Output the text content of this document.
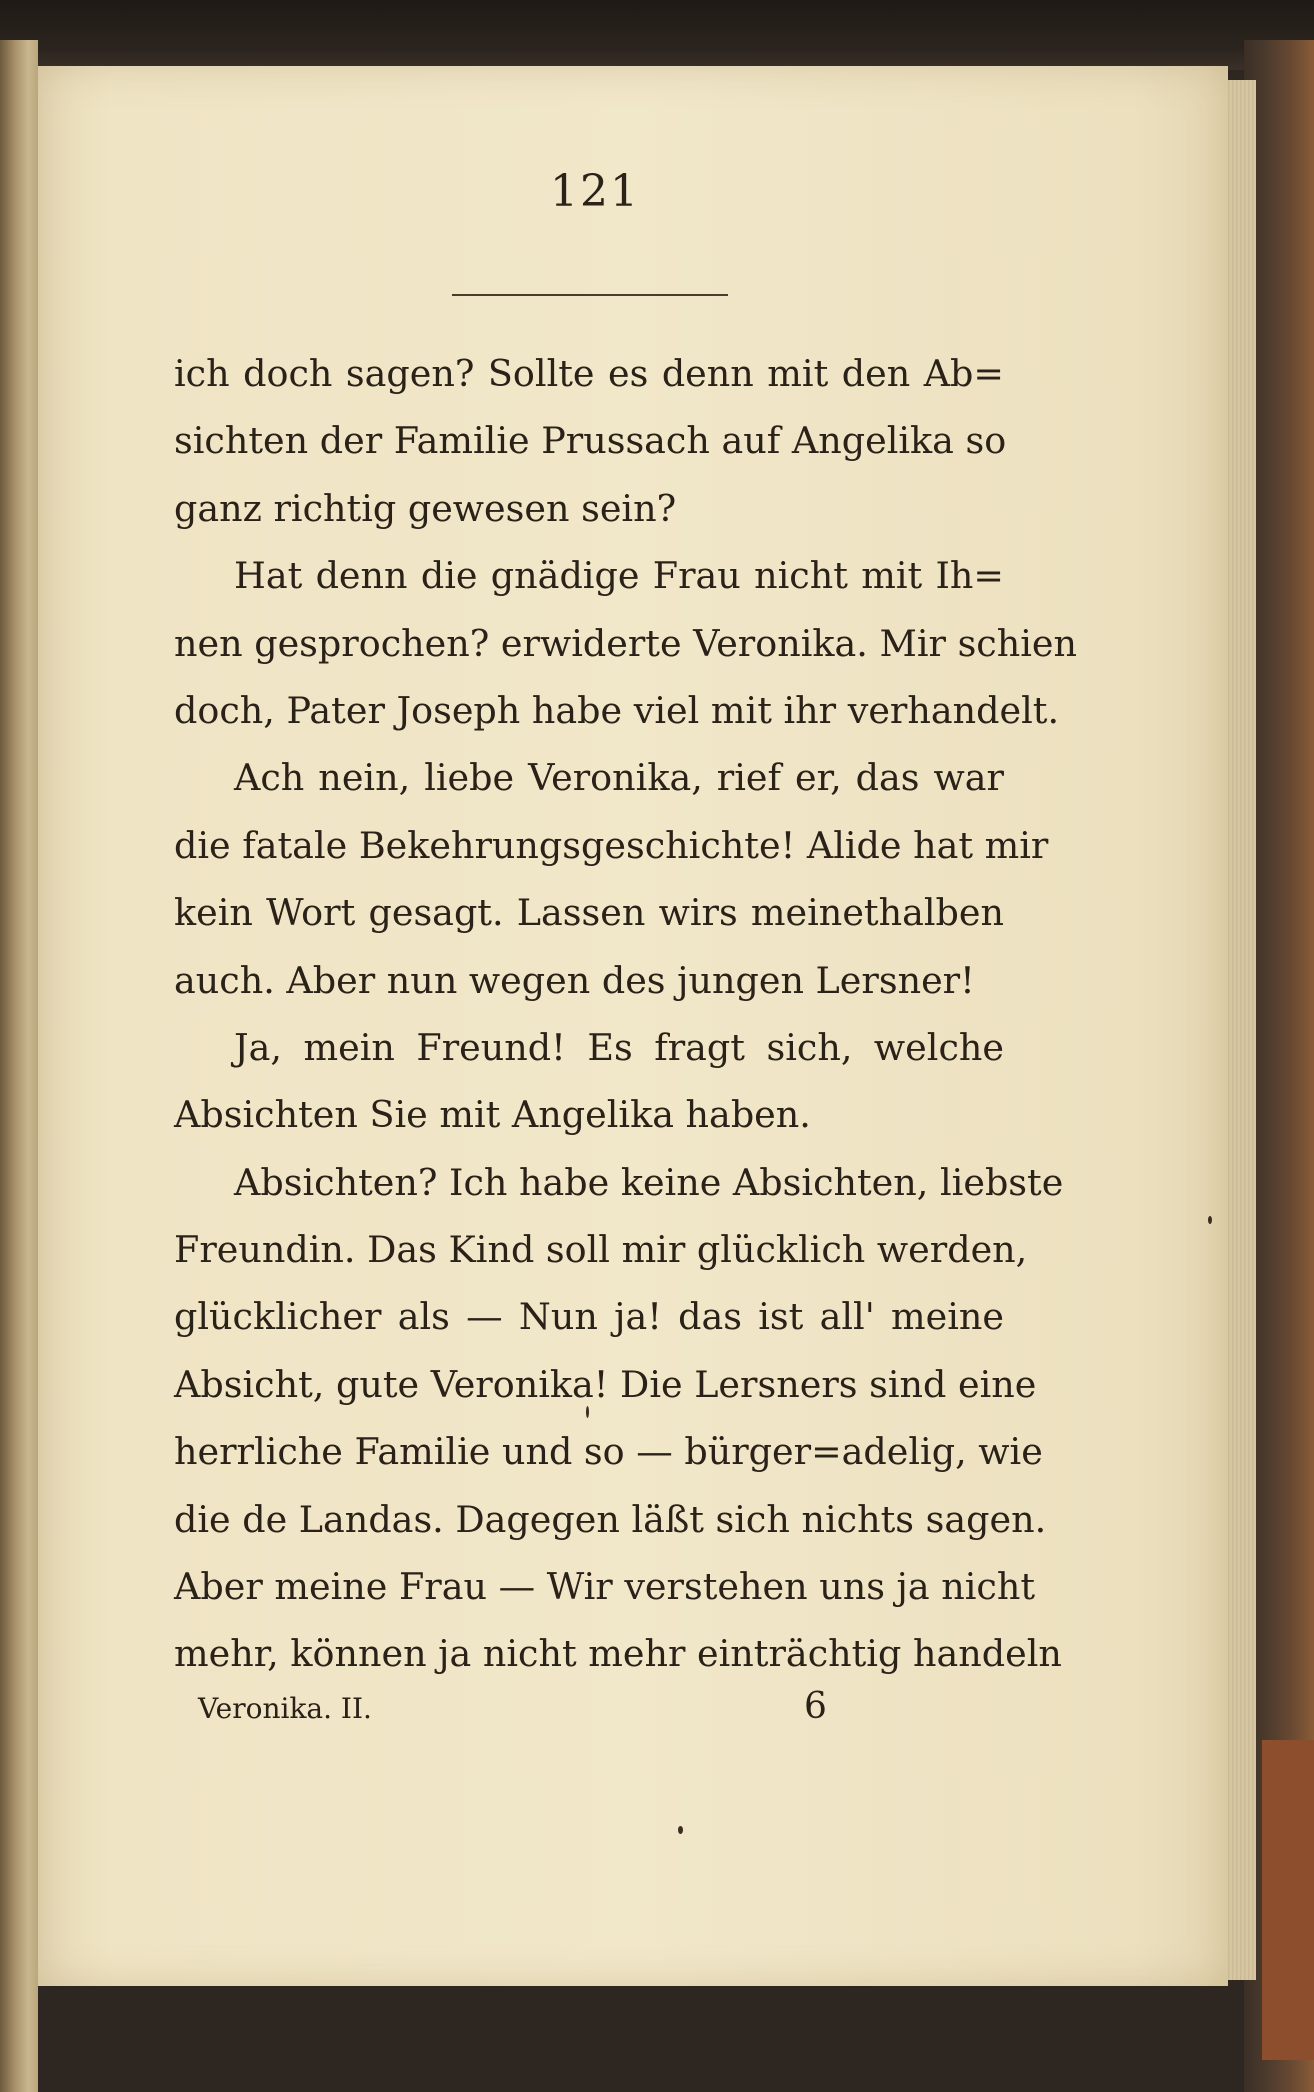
121
ich doch sagen? Sollte es denn mit den Ab=
sichten der Familie Prussach auf Angelika so
ganz richtig gewesen sein?
Hat denn die gnädige Frau nicht mit Ih=
nen gesprochen? erwiderte Veronika. Mir schien
doch, Pater Joseph habe viel mit ihr verhandelt.
Ach nein, liebe Veronika, rief er, das war
die fatale Bekehrungsgeschichte! Alide hat mir
kein Wort gesagt. Lassen wirs meinethalben
auch. Aber nun wegen des jungen Lersner!
Ja, mein Freund! Es fragt sich, welche
Absichten Sie mit Angelika haben.
Absichten? Ich habe keine Absichten, liebste
Freundin. Das Kind soll mir glücklich werden,
glücklicher als — Nun ja! das ist all' meine
Absicht, gute Veronika! Die Lersners sind eine
herrliche Familie und so — bürger=adelig, wie
die de Landas. Dagegen läßt sich nichts sagen.
Aber meine Frau — Wir verstehen uns ja nicht
mehr, können ja nicht mehr einträchtig handeln
Veronika. II.	6
